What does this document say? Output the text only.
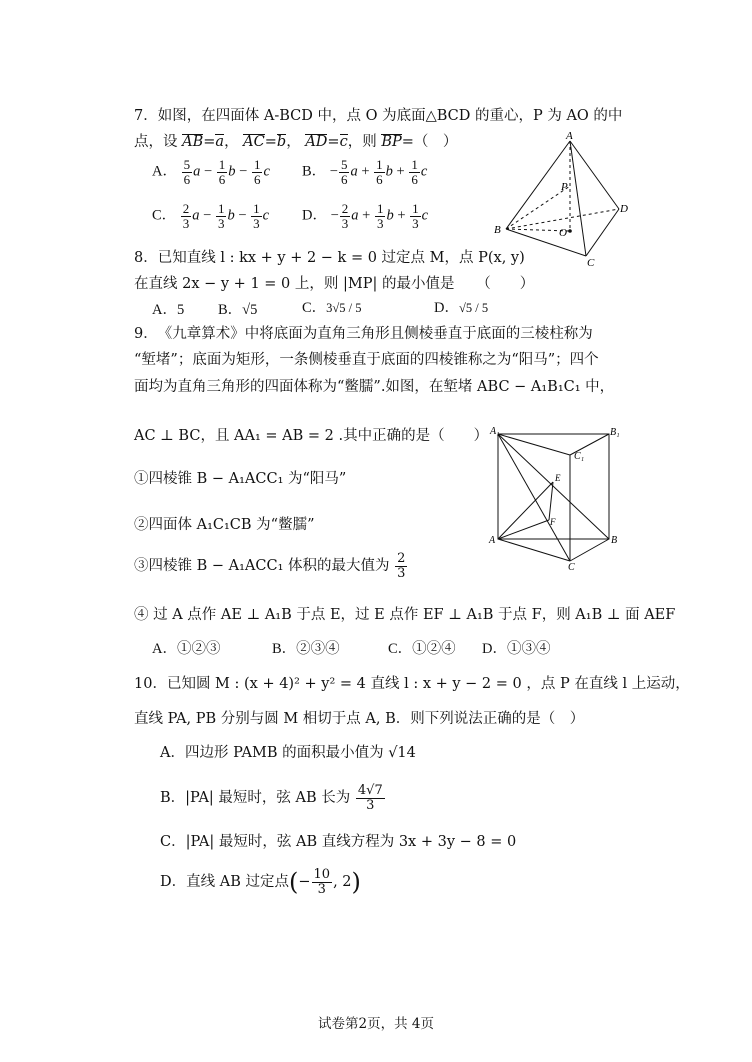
7．如图，在四面体 A-BCD 中，点 O 为底面△BCD 的重心，P 为 AO 的中
点，设 AB=a， AC=b， AD=c，则 BP=（　）
A． $\frac{5}{6}$ $a - \frac{1}{6}$ $b - \frac{1}{6}$ c B． − $\frac{5}{6}$ $a + \frac{1}{6}$ $b + \frac{1}{6}$ c
C． $\frac{2}{3}$ $a - \frac{1}{3}$ $b - \frac{1}{3}$ c D． − $\frac{2}{3}$ $a + \frac{1}{3}$ $b + \frac{1}{3}$ c
A
B
C
D
O
P
8．已知直线 l : kx + y + 2 − k = 0 过定点 M，点 P(x, y)
在直线 2x − y + 1 = 0 上，则 |MP| 的最小值是　　（　　）
A．5 B．√5	C．3√5 / 5	D．√5 / 5
9．　《九章算术》中将底面为直角三角形且侧棱垂直于底面的三棱柱称为
“堑堵”；底面为矩形，一条侧棱垂直于底面的四棱锥称之为“阳马”；四个
面均为直角三角形的四面体称为“鳖臑”.如图，在堑堵 ABC − A₁B₁C₁ 中，
AC ⊥ BC，且 AA₁ = AB = 2 .其中正确的是（　　）
①四棱锥 B − A₁ACC₁ 为“阳马”
②四面体 A₁C₁CB 为“鳖臑”
③四棱锥 B − A₁ACC₁ 体积的最大值为 $\frac{2}{3}$
④ 过 A 点作 AE ⊥ A₁B 于点 E，过 E 点作 EF ⊥ A₁B 于点 F，则 A₁B ⊥ 面 AEF
A．①②③	B．②③④	C．①②④ D．①③④
A₁	B₁
C₁
A	B
C
E
F
10．已知圆 M : (x + 4)² + y² = 4 直线 l : x + y − 2 = 0 ，点 P 在直线 l 上运动，
直线 PA, PB 分别与圆 M 相切于点 A, B．则下列说法正确的是（　）
A．四边形 PAMB 的面积最小值为 √14
B．|PA| 最短时，弦 AB 长为 $\frac{4√7}{3}$
C．|PA| 最短时，弦 AB 直线方程为 3x + 3y − 8 = 0
D．直线 AB 过定点(− $\frac{10}{3}$ , 2)
试卷第2页，共 4页
